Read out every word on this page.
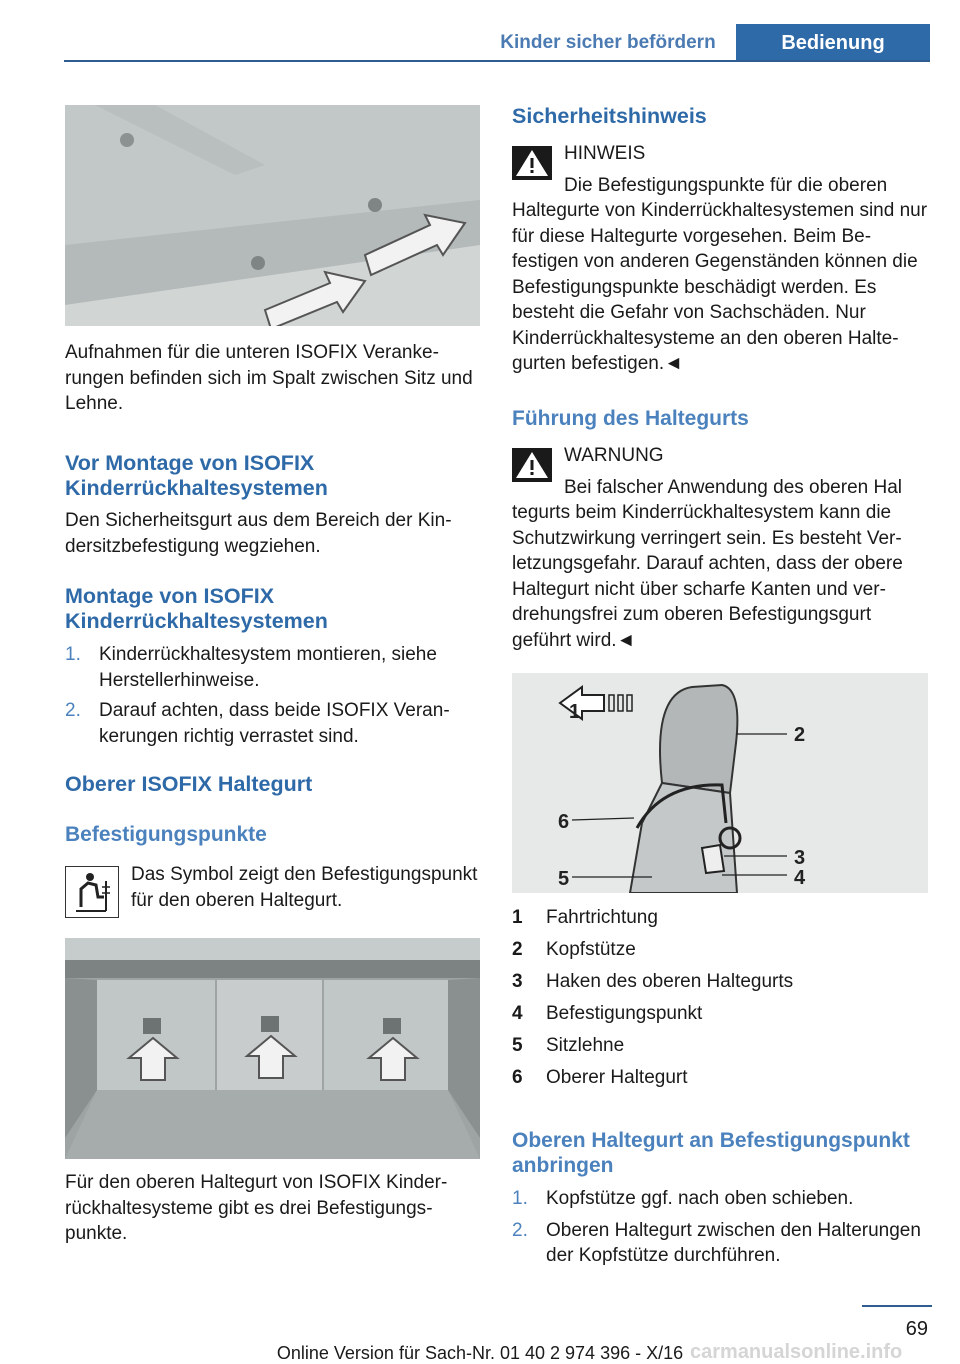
Kinder sicher befördern	Bedienung

Aufnahmen für die unteren ISOFIX Verankerungen befinden sich im Spalt zwischen Sitz und Lehne.

Vor Montage von ISOFIX Kinderrückhaltesystemen

Den Sicherheitsgurt aus dem Bereich der Kindersitzbefestigung wegziehen.

Montage von ISOFIX Kinderrückhaltesystemen

1. Kinderrückhaltesystem montieren, siehe Herstellerhinweise.
2. Darauf achten, dass beide ISOFIX Verankerungen richtig verrastet sind.

Oberer ISOFIX Haltegurt

Befestigungspunkte

Das Symbol zeigt den Befestigungspunkt für den oberen Haltegurt.

Für den oberen Haltegurt von ISOFIX Kinderrückhaltesysteme gibt es drei Befestigungspunkte.

Sicherheitshinweis

HINWEIS

Die Befestigungspunkte für die oberen

Haltegurte von Kinderrückhaltesystemen sind nur für diese Haltegurte vorgesehen. Beim Befestigen von anderen Gegenständen können die Befestigungspunkte beschädigt werden. Es besteht die Gefahr von Sachschäden. Nur Kinderrückhaltesysteme an den oberen Haltegurten befestigen.◄

Führung des Haltegurts

WARNUNG

Bei falscher Anwendung des oberen Hal

tegurts beim Kinderrückhaltesystem kann die Schutzwirkung verringert sein. Es besteht Verletzungsgefahr. Darauf achten, dass der obere Haltegurt nicht über scharfe Kanten und verdrehungsfrei zum oberen Befestigungsgurt geführt wird.◄

1
2
3
4
5
6
1 Fahrtrichtung
2 Kopfstütze
3 Haken des oberen Haltegurts
4 Befestigungspunkt
5 Sitzlehne
6 Oberer Haltegurt

Oberen Haltegurt an Befestigungspunkt anbringen

1. Kopfstütze ggf. nach oben schieben.
2. Oberen Haltegurt zwischen den Halterungen der Kopfstütze durchführen.
69
Online Version für Sach-Nr. 01 40 2 974 396 - X/16 carmanualsonline.info
